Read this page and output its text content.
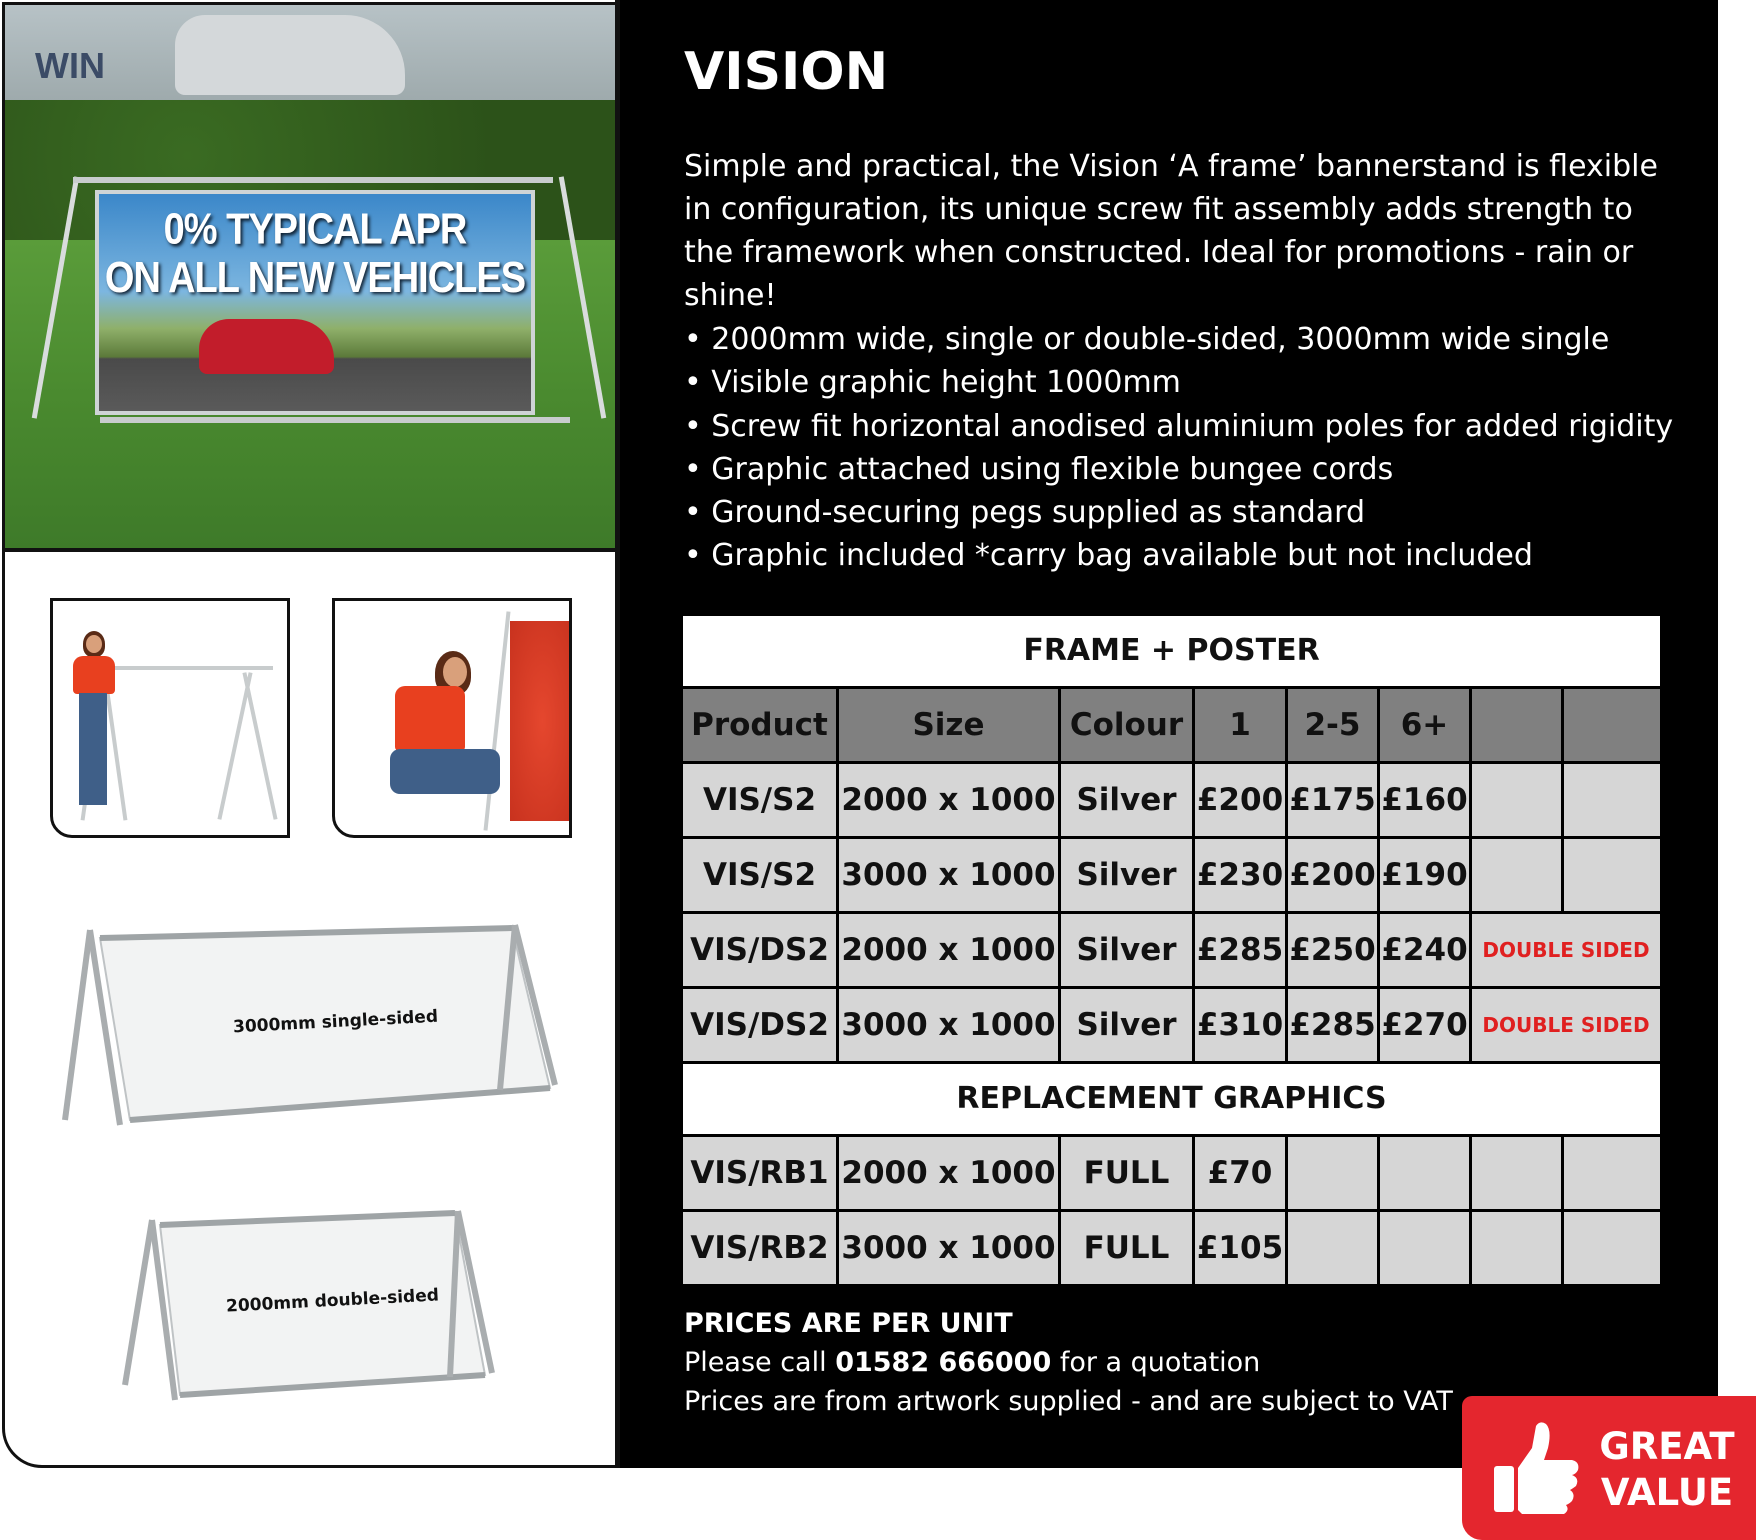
WIN
0% TYPICAL APR
ON ALL NEW VEHICLES
3000mm single-sided
2000mm double-sided
VISION
Simple and practical, the Vision ‘A frame’ bannerstand is flexible in configuration, its unique screw fit assembly adds strength to the framework when constructed. Ideal for promotions - rain or shine!
• 2000mm wide, single or double-sided, 3000mm wide single
• Visible graphic height 1000mm
• Screw fit horizontal anodised aluminium poles for added rigidity
• Graphic attached using flexible bungee cords
• Ground-securing pegs supplied as standard
• Graphic included *carry bag available but not included
FRAME + POSTER
Product	Size	Colour	1	2-5	6+
VIS/S2 2000 x 1000 Silver £200 £175 £160
VIS/S2 3000 x 1000 Silver £230 £200 £190
VIS/DS2 2000 x 1000 Silver £285 £250 £240 DOUBLE SIDED
VIS/DS2 3000 x 1000 Silver £310 £285 £270 DOUBLE SIDED
REPLACEMENT GRAPHICS
VIS/RB1 2000 x 1000 FULL	£70
VIS/RB2 3000 x 1000 FULL £105
PRICES ARE PER UNIT
Please call 01582 666000 for a quotation
Prices are from artwork supplied - and are subject to VAT
GREAT
VALUE
